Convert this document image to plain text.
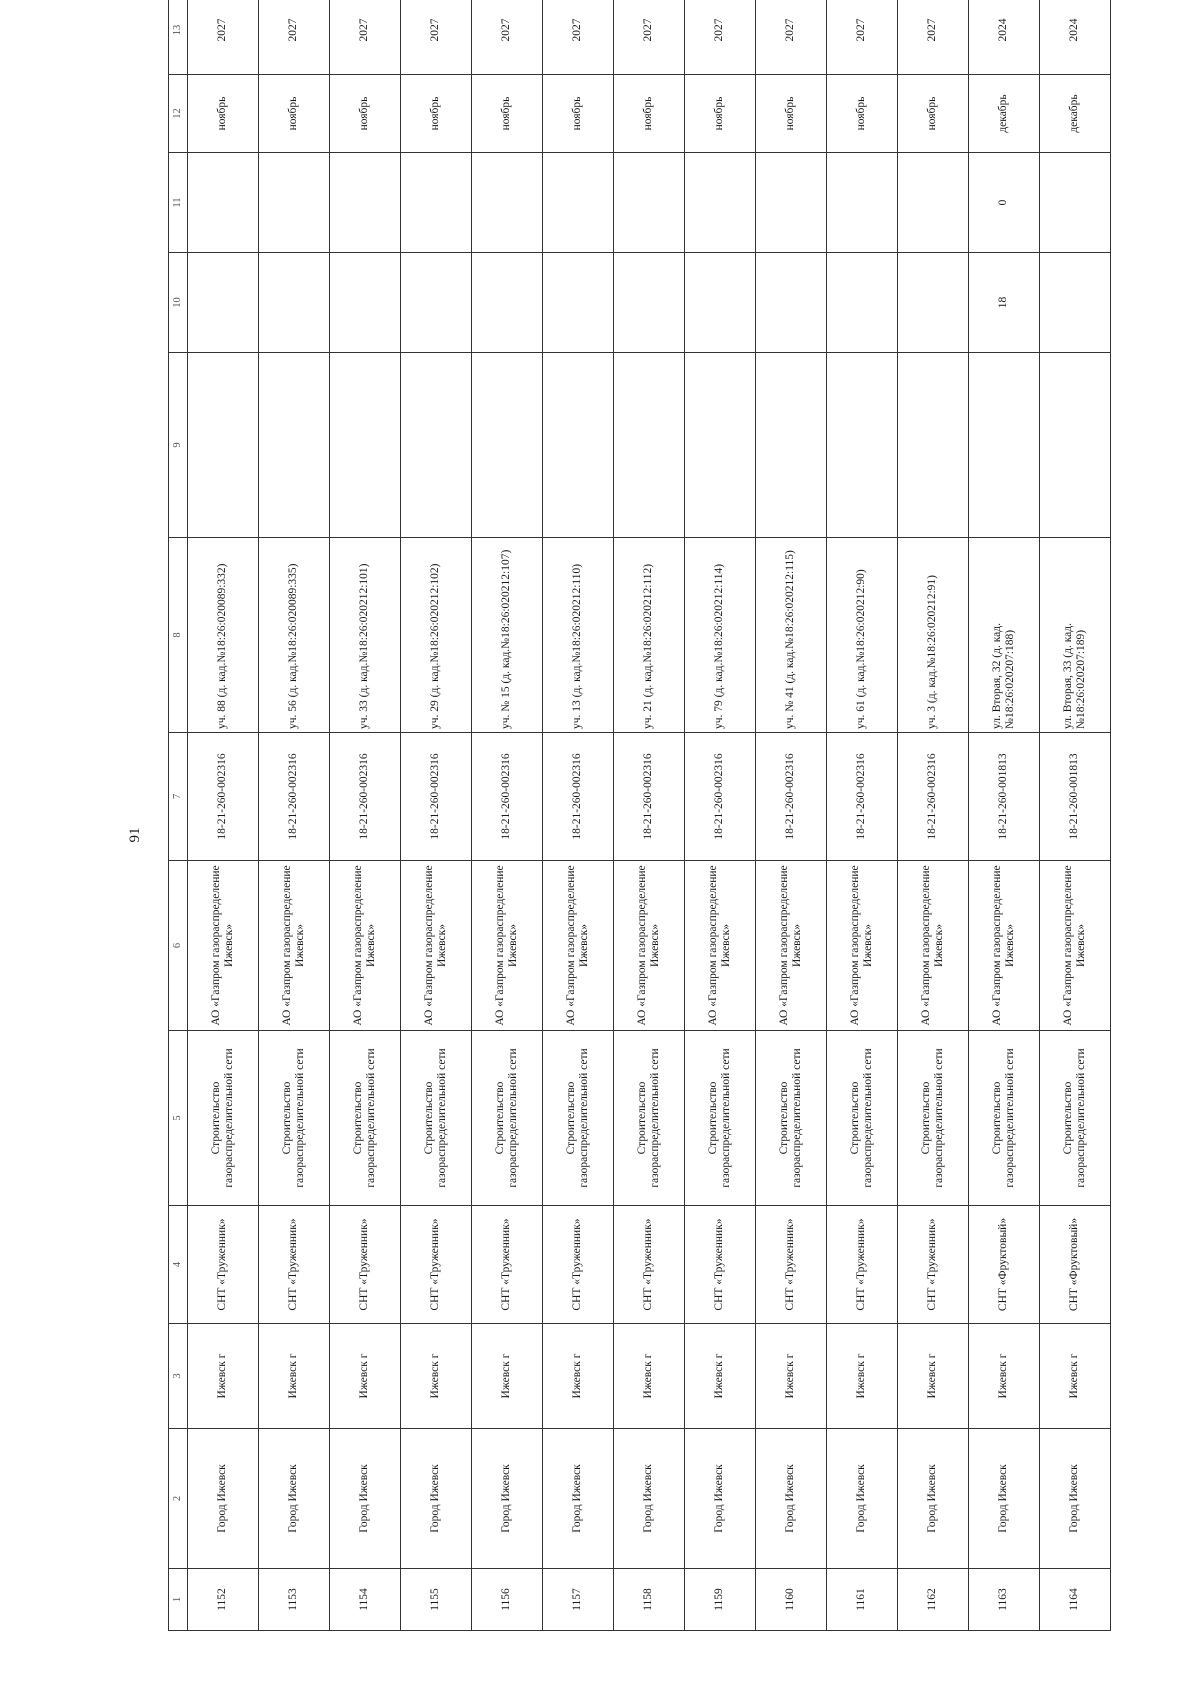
91
1	2	3	4	5	6	7	8	9	10	11	12	13
1152	Город Ижевск	Ижевск г	СНТ «Труженник»	Строительство газораспределительной сети	АО «Газпром газораспределение Ижевск»	18-21-260-002316	уч. 88 (д. кад.№18:26:020089:332)				ноябрь	2027
1153	Город Ижевск	Ижевск г	СНТ «Труженник»	Строительство газораспределительной сети	АО «Газпром газораспределение Ижевск»	18-21-260-002316	уч. 56 (д. кад.№18:26:020089:335)				ноябрь	2027
1154	Город Ижевск	Ижевск г	СНТ «Труженник»	Строительство газораспределительной сети	АО «Газпром газораспределение Ижевск»	18-21-260-002316	уч. 33 (д. кад.№18:26:020212:101)				ноябрь	2027
1155	Город Ижевск	Ижевск г	СНТ «Труженник»	Строительство газораспределительной сети	АО «Газпром газораспределение Ижевск»	18-21-260-002316	уч. 29 (д. кад.№18:26:020212:102)				ноябрь	2027
1156	Город Ижевск	Ижевск г	СНТ «Труженник»	Строительство газораспределительной сети	АО «Газпром газораспределение Ижевск»	18-21-260-002316	уч. № 15 (д. кад.№18:26:020212:107)				ноябрь	2027
1157	Город Ижевск	Ижевск г	СНТ «Труженник»	Строительство газораспределительной сети	АО «Газпром газораспределение Ижевск»	18-21-260-002316	уч. 13 (д. кад.№18:26:020212:110)				ноябрь	2027
1158	Город Ижевск	Ижевск г	СНТ «Труженник»	Строительство газораспределительной сети	АО «Газпром газораспределение Ижевск»	18-21-260-002316	уч. 21 (д. кад.№18:26:020212:112)				ноябрь	2027
1159	Город Ижевск	Ижевск г	СНТ «Труженник»	Строительство газораспределительной сети	АО «Газпром газораспределение Ижевск»	18-21-260-002316	уч. 79 (д. кад.№18:26:020212:114)				ноябрь	2027
1160	Город Ижевск	Ижевск г	СНТ «Труженник»	Строительство газораспределительной сети	АО «Газпром газораспределение Ижевск»	18-21-260-002316	уч. № 41 (д. кад.№18:26:020212:115)				ноябрь	2027
1161	Город Ижевск	Ижевск г	СНТ «Труженник»	Строительство газораспределительной сети	АО «Газпром газораспределение Ижевск»	18-21-260-002316	уч. 61 (д. кад.№18:26:020212:90)				ноябрь	2027
1162	Город Ижевск	Ижевск г	СНТ «Труженник»	Строительство газораспределительной сети	АО «Газпром газораспределение Ижевск»	18-21-260-002316	уч. 3 (д. кад.№18:26:020212:91)				ноябрь	2027
1163	Город Ижевск	Ижевск г	СНТ «Фруктовый»	Строительство газораспределительной сети	АО «Газпром газораспределение Ижевск»	18-21-260-001813	ул. Вторая, 32 (д. кад.№18:26:020207:188)		18	0	декабрь	2024
1164	Город Ижевск	Ижевск г	СНТ «Фруктовый»	Строительство газораспределительной сети	АО «Газпром газораспределение Ижевск»	18-21-260-001813	ул. Вторая, 33 (д. кад.№18:26:020207:189)				декабрь	2024
